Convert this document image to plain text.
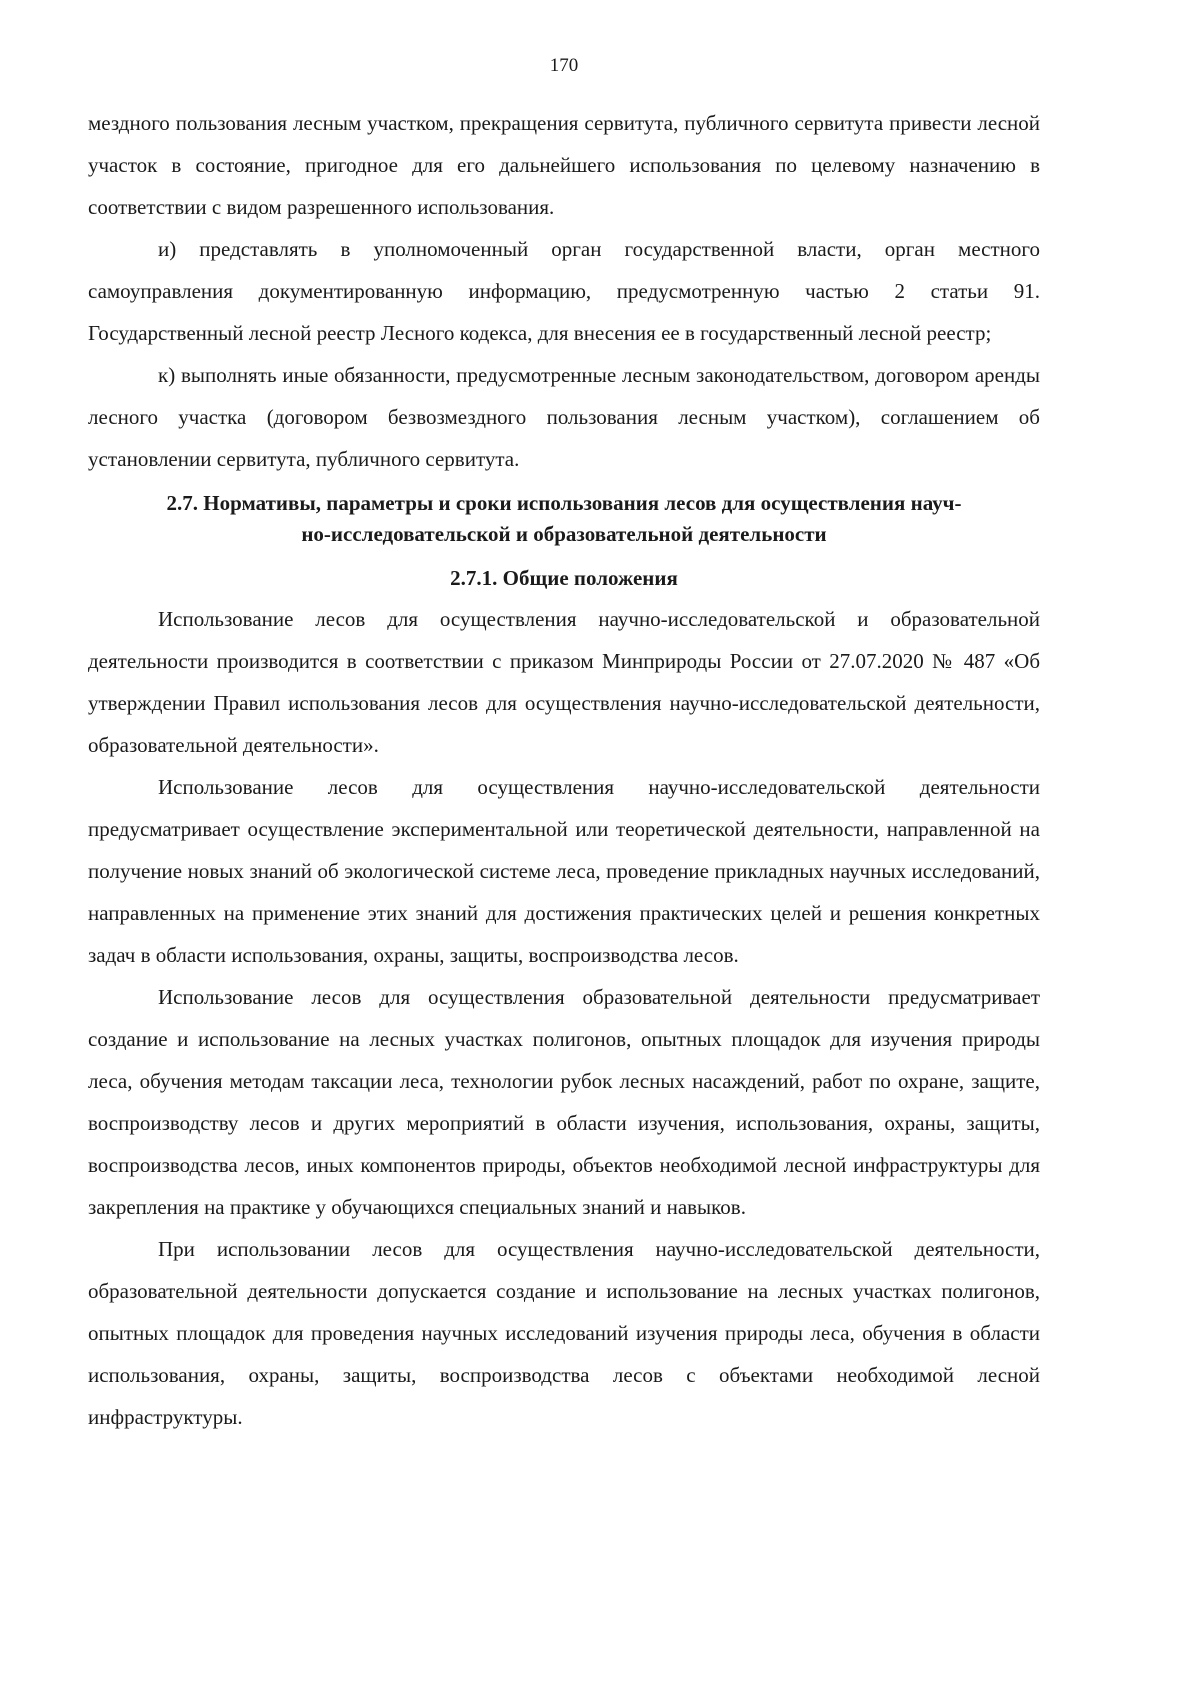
170

мездного пользования лесным участком, прекращения сервитута, публичного сервитута привести лесной участок в состояние, пригодное для его дальнейшего использования по целевому назначению в соответствии с видом разрешенного использования.

и) представлять в уполномоченный орган государственной власти, орган местного самоуправления документированную информацию, предусмотренную частью 2 статьи 91. Государственный лесной реестр Лесного кодекса, для внесения ее в государственный лесной реестр;

к) выполнять иные обязанности, предусмотренные лесным законодательством, договором аренды лесного участка (договором безвозмездного пользования лесным участком), соглашением об установлении сервитута, публичного сервитута.

2.7. Нормативы, параметры и сроки использования лесов для осуществления науч-
но-исследовательской и образовательной деятельности
2.7.1. Общие положения

Использование лесов для осуществления научно-исследовательской и образовательной деятельности производится в соответствии с приказом Минприроды России от 27.07.2020 № 487 «Об утверждении Правил использования лесов для осуществления научно-исследовательской деятельности, образовательной деятельности».

Использование лесов для осуществления научно-исследовательской деятельности предусматривает осуществление экспериментальной или теоретической деятельности, направленной на получение новых знаний об экологической системе леса, проведение прикладных научных исследований, направленных на применение этих знаний для достижения практических целей и решения конкретных задач в области использования, охраны, защиты, воспроизводства лесов.

Использование лесов для осуществления образовательной деятельности предусматривает создание и использование на лесных участках полигонов, опытных площадок для изучения природы леса, обучения методам таксации леса, технологии рубок лесных насаждений, работ по охране, защите, воспроизводству лесов и других мероприятий в области изучения, использования, охраны, защиты, воспроизводства лесов, иных компонентов природы, объектов необходимой лесной инфраструктуры для закрепления на практике у обучающихся специальных знаний и навыков.

При использовании лесов для осуществления научно-исследовательской деятельности, образовательной деятельности допускается создание и использование на лесных участках полигонов, опытных площадок для проведения научных исследований изучения природы леса, обучения в области использования, охраны, защиты, воспроизводства лесов с объектами необходимой лесной инфраструктуры.
